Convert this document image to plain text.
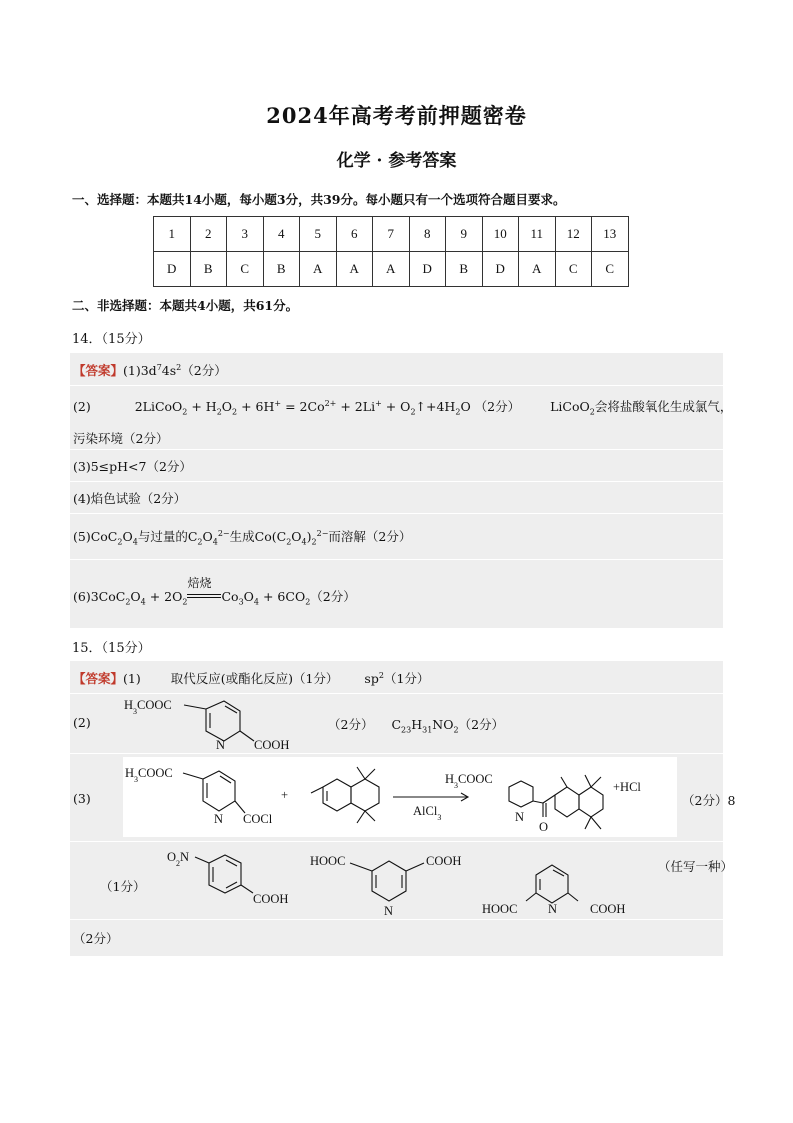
2024年高考考前押题密卷
化学 · 参考答案
一、选择题：本题共14小题，每小题3分，共39分。每小题只有一个选项符合题目要求。
1	2	3	4	5	6	7	8	9	10	11	12	13
D	B	C	B	A	A	A	D	B	D	A	C	C
二、非选择题：本题共4小题，共61分。
14．（15分）
【答案】$(1)3d^74s^2(2$分）
(2)	2LiCoO$_2$ + $H_2O_2 + 6H^+ = 2Co^{2+} + 2Li^+$ + $O_2↑+4H_2O$ （2分） LiCoO$_2$会将盐酸氧化生成氯气，
污染环境（2分）
(3)5≤pH<7（2分）
(4)焰色试验（2分）
$(5)CoC_2O_4$与过量的$C_2O_4^{2-}$生成$Co(C_2O_4)_2^{2-}$而溶解（2分）
$(6)3CoC_2O_4 + 2O_2$
焙烧
$Co_3O_4 + 6CO_2(2$分）
15．（15分）
【答案】(1) 取代反应(或酯化反应)（1分） $sp^2(1$分）
(2)
$H_3COOC$
N COOH
（2分） $C_{23}H_{31}NO_2(2$分）
(3)
$H_3COOC$
N COCl
+
AlCl$_3$
$H_3COOC$
N
O
+HCl
（2分）8
（1分）
$O_2N$
COOH
HOOC	COOH
N	HOOC N	COOH
（任写一种）
（2分）
